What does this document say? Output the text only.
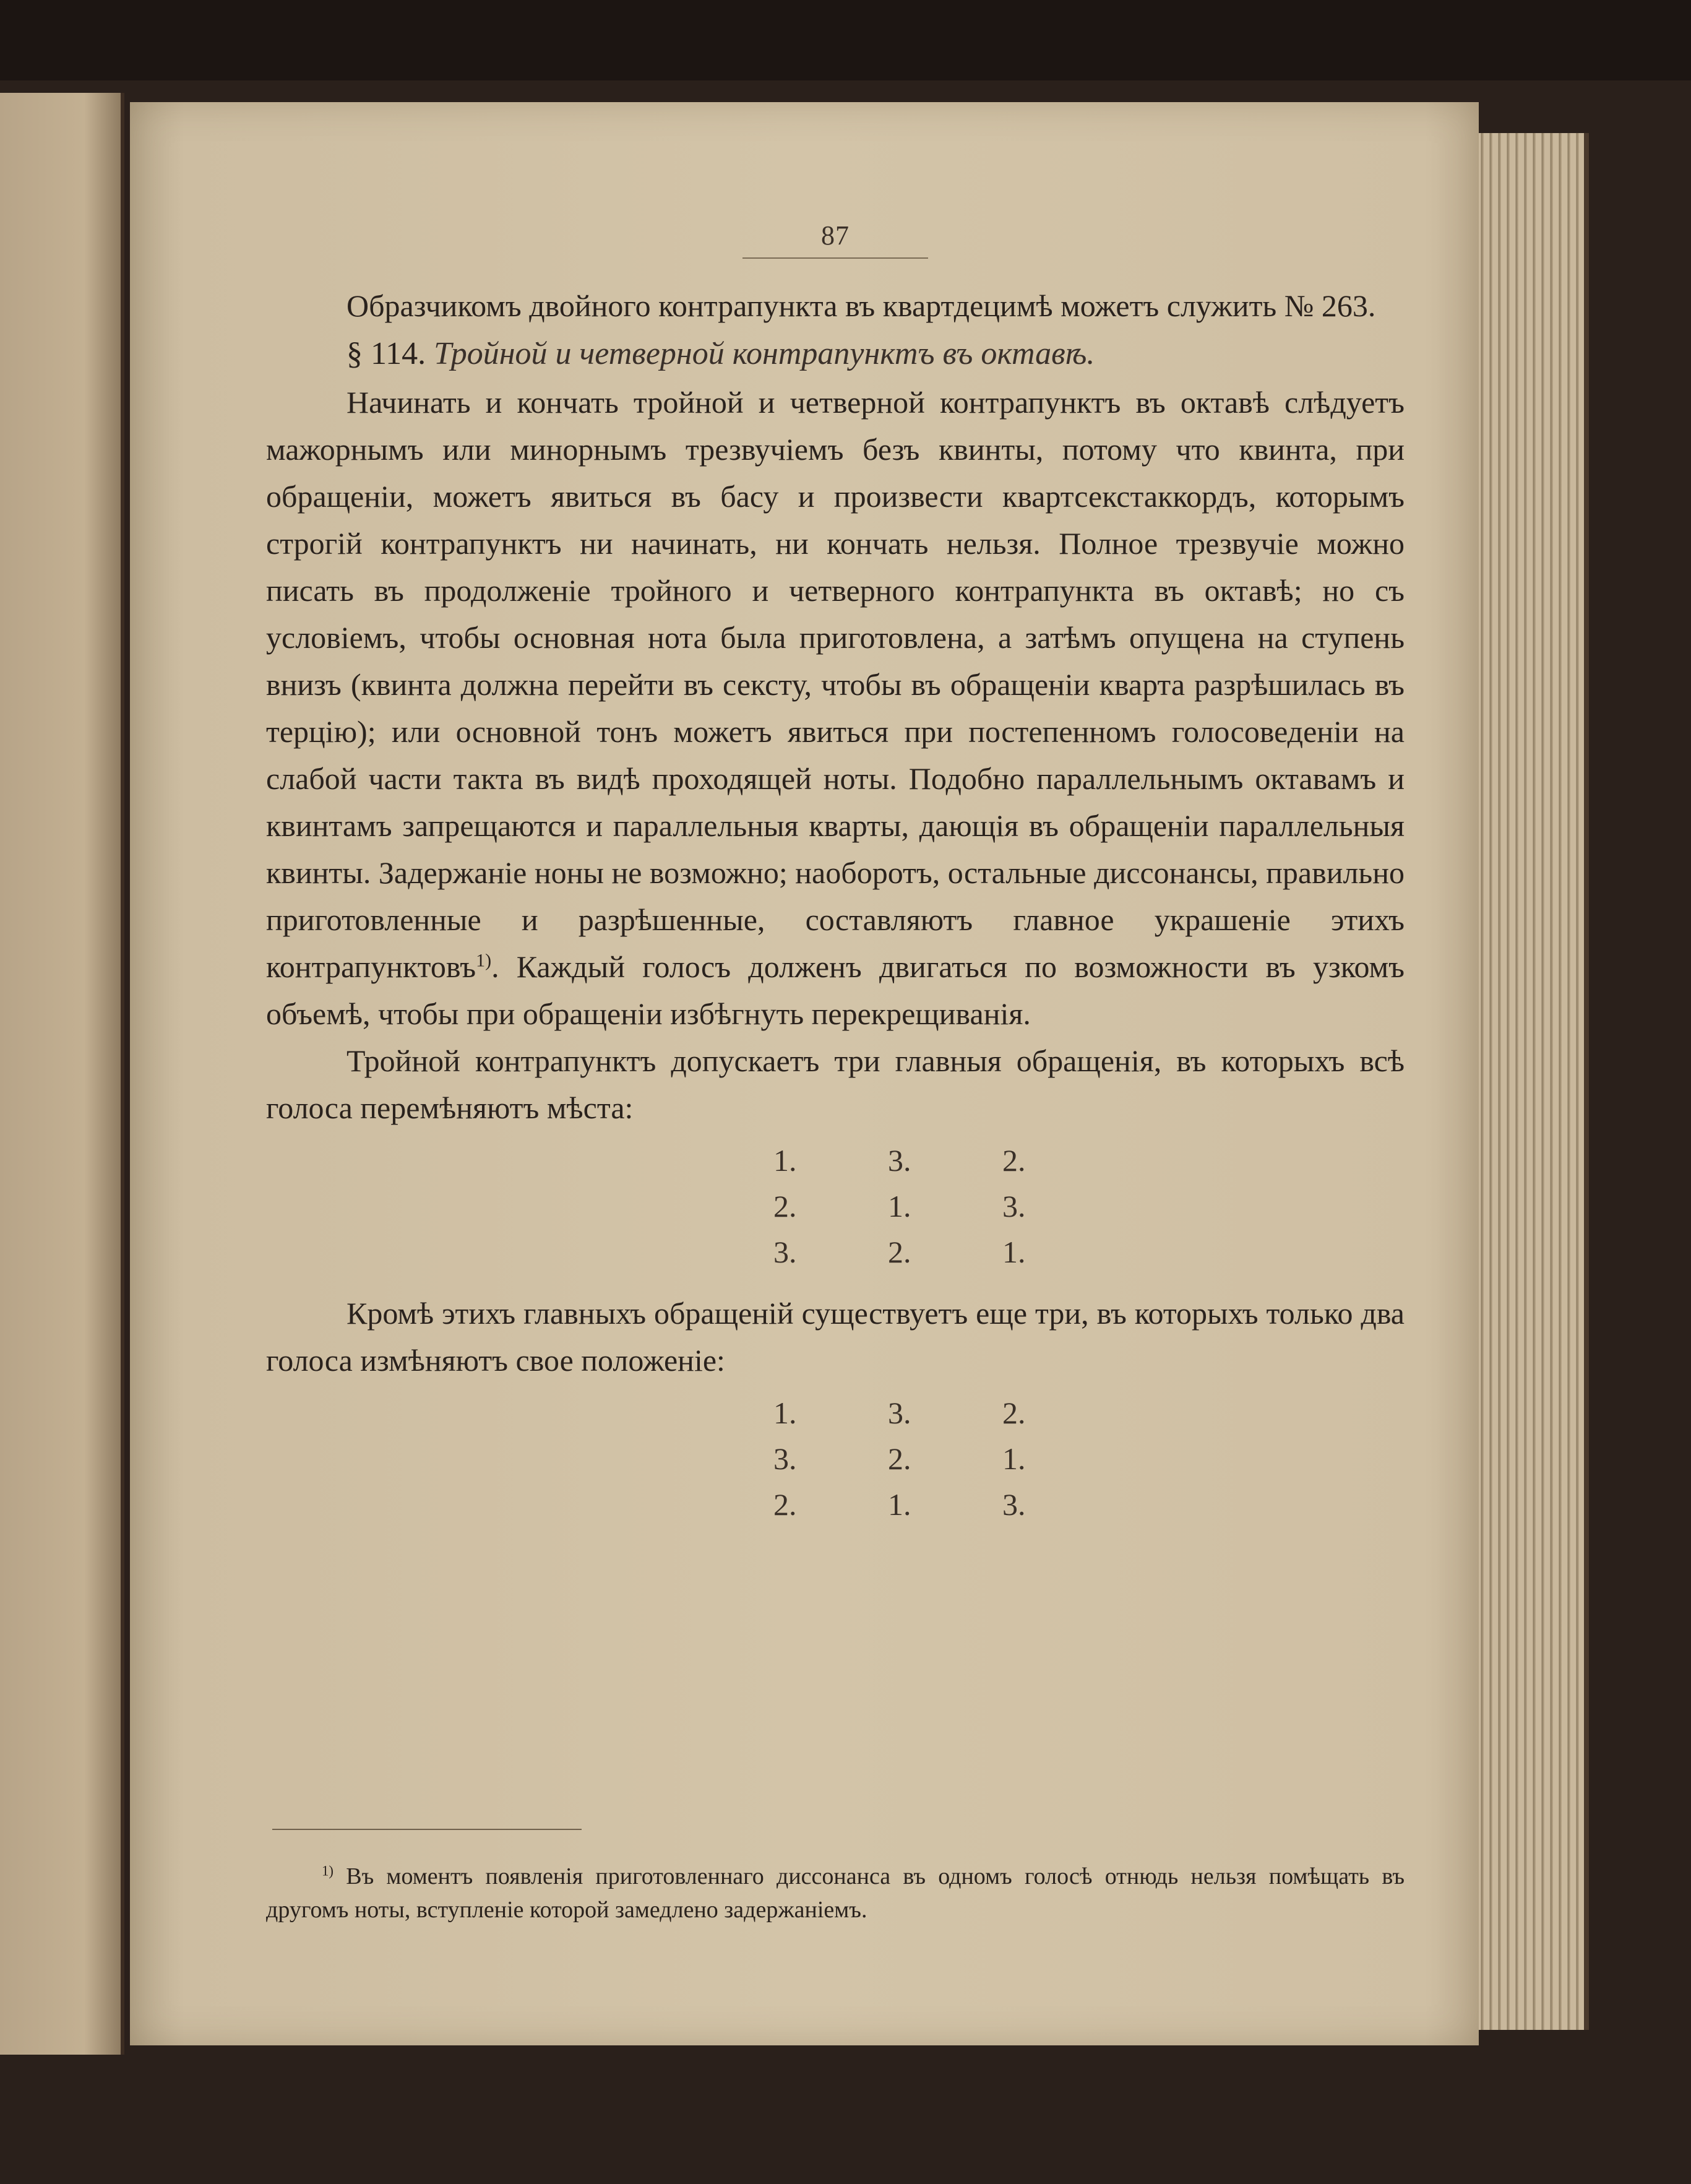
87

Образчикомъ двойного контрапункта въ квартдецимѣ можетъ служить № 263.

§ 114. Тройной и четверной контрапунктъ въ октавѣ.

Начинать и кончать тройной и четверной контрапунктъ въ октавѣ слѣдуетъ мажорнымъ или минорнымъ трезвучіемъ безъ квинты, потому что квинта, при обращеніи, можетъ явиться въ басу и произвести квартсекстаккордъ, которымъ строгій контрапунктъ ни начинать, ни кончать нельзя. Полное трезвучіе можно писать въ продолженіе тройного и четверного контрапункта въ октавѣ; но съ условіемъ, чтобы основная нота была приготовлена, а затѣмъ опущена на ступень внизъ (квинта должна перейти въ сексту, чтобы въ обращеніи кварта разрѣшилась въ терцію); или основной тонъ можетъ явиться при постепенномъ голосоведеніи на слабой части такта въ видѣ проходящей ноты. Подобно параллельнымъ октавамъ и квинтамъ запрещаются и параллельныя кварты, дающія въ обращеніи параллельныя квинты. Задержаніе ноны не возможно; наоборотъ, остальные диссонансы, правильно приготовленные и разрѣшенные, составляютъ главное украшеніе этихъ контрапунктовъ$^{1)}$. Каждый голосъ долженъ двигаться по возможности въ узкомъ объемѣ, чтобы при обращеніи избѣгнуть перекрещиванія.

Тройной контрапунктъ допускаетъ три главныя обращенія, въ которыхъ всѣ голоса перемѣняютъ мѣста:

1.	3.	2.
2.	1.	3.
3.	2.	1.

Кромѣ этихъ главныхъ обращеній существуетъ еще три, въ которыхъ только два голоса измѣняютъ свое положеніе:

1.	3.	2.
3.	2.	1.
2.	1.	3.

$^{1)}$ Въ моментъ появленія приготовленнаго диссонанса въ одномъ голосѣ отнюдь нельзя помѣщать въ другомъ ноты, вступленіе которой замедлено задержаніемъ.
